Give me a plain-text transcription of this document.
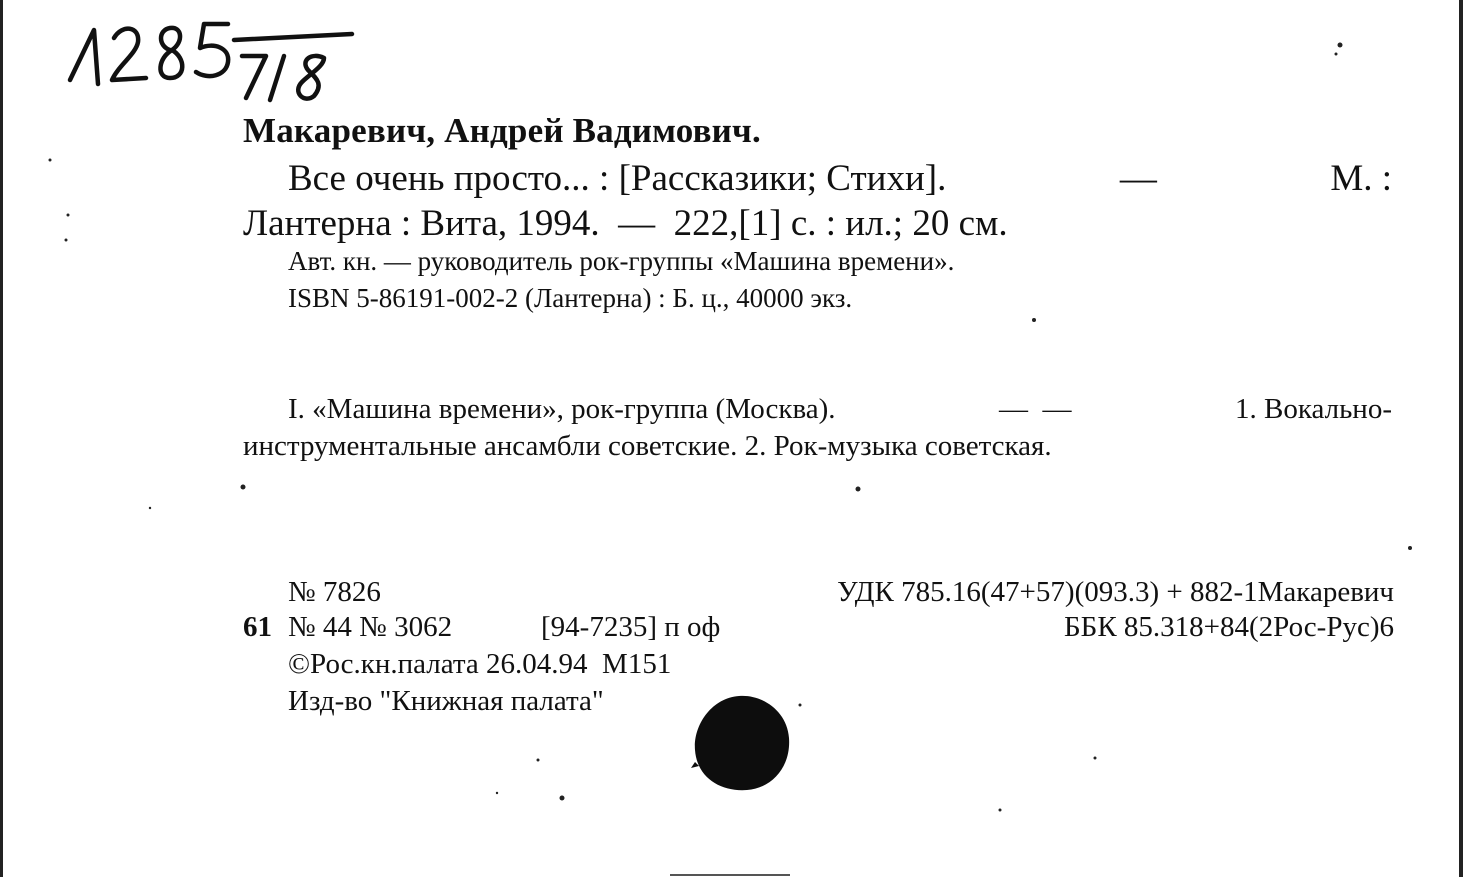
Макаревич, Андрей Вадимович.
Все очень просто... : [Рассказики; Стихи].	—	М. :
Лантерна : Вита, 1994.  —  222,[1] с. : ил.; 20 см.
Авт. кн. — руководитель рок-группы «Машина времени».
ISBN 5-86191-002-2 (Лантерна) : Б. ц., 40000 экз.
I. «Машина времени», рок-группа (Москва).	—  —	1. Вокально-
инструментальные ансамбли советские. 2. Рок-музыка советская.
№ 7826	УДК 785.16(47+57)(093.3) + 882-1Макаревич
61 № 44 № 3062	[94-7235] п оф	ББК 85.318+84(2Рос-Рус)6
©Рос.кн.палата 26.04.94  М151
Изд-во "Книжная палата"
